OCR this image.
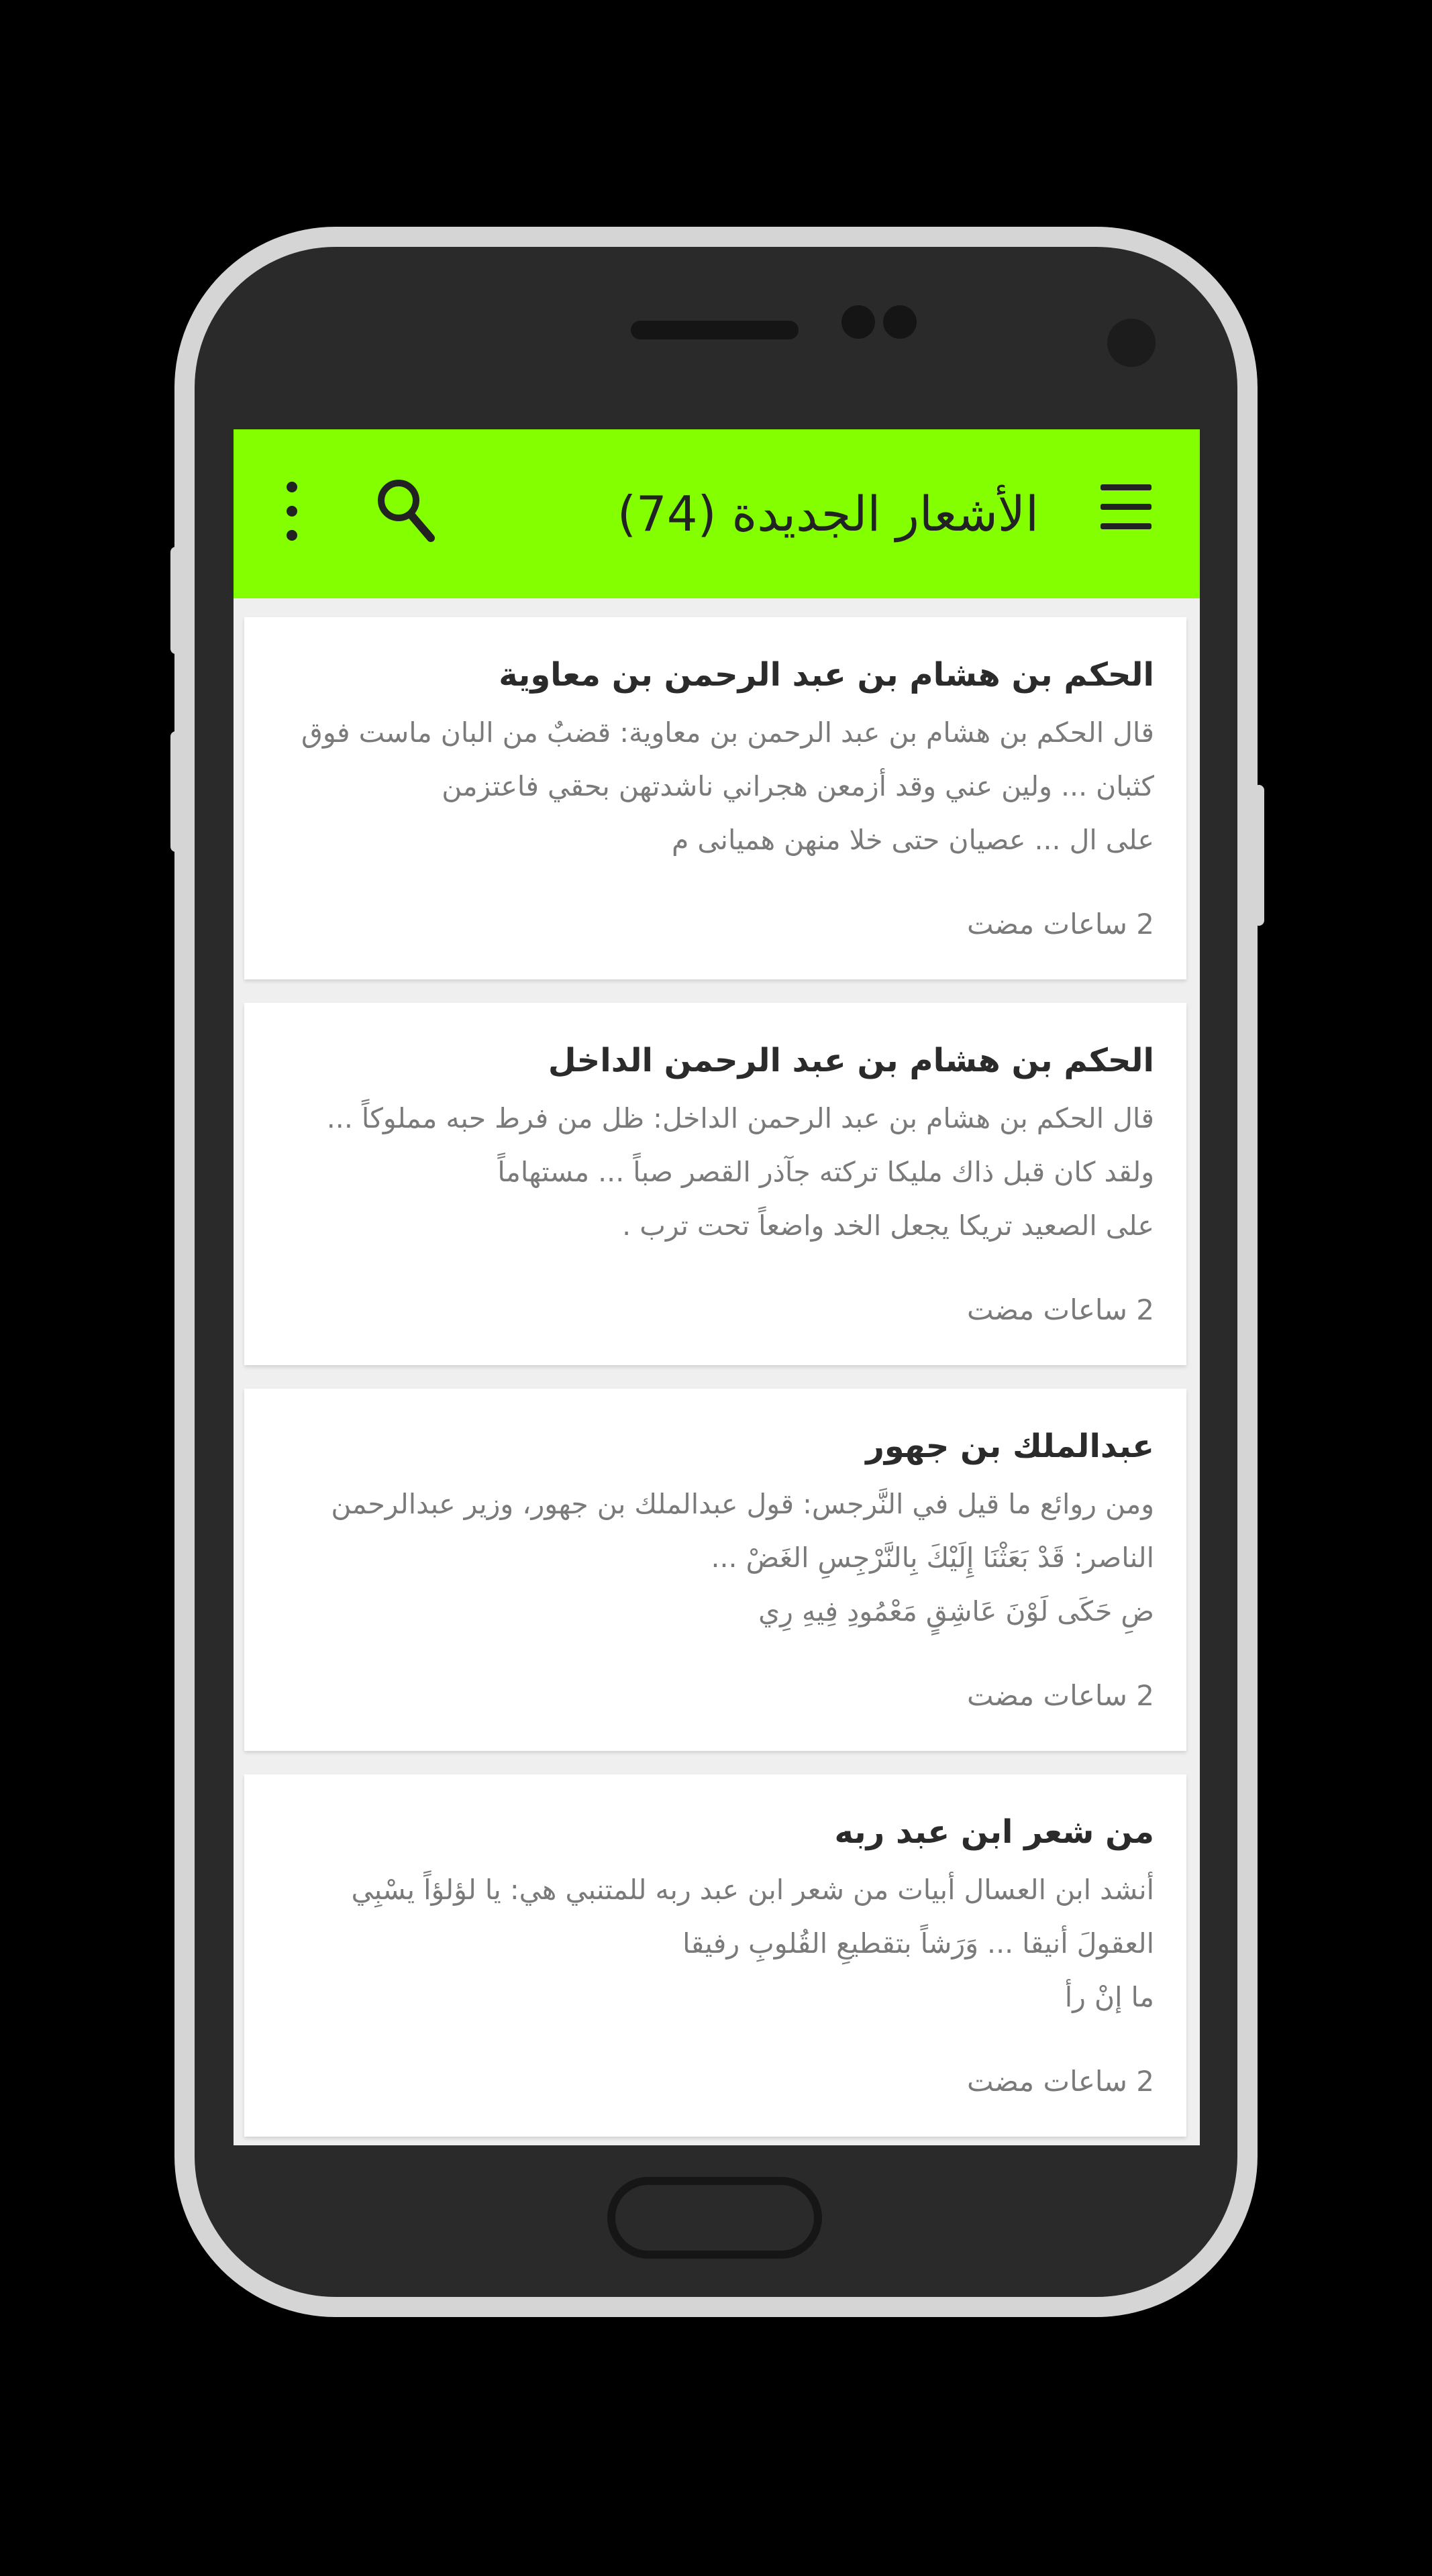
الأشعار الجديدة (74)
الحكم بن هشام بن عبد الرحمن بن معاوية
قال الحكم بن هشام بن عبد الرحمن بن معاوية: قضبٌ من البان ماست فوق
كثبان ... ولين عني وقد أزمعن هجراني ناشدتهن بحقي فاعتزمن
على ال ... عصيان حتى خلا منهن هميانى م
2 ساعات مضت
الحكم بن هشام بن عبد الرحمن الداخل
قال الحكم بن هشام بن عبد الرحمن الداخل: ظل من فرط حبه مملوكاً ...
ولقد كان قبل ذاك مليكا تركته جآذر القصر صباً ... مستهاماً
على الصعيد تريكا يجعل الخد واضعاً تحت ترب .
2 ساعات مضت
عبدالملك بن جهور
ومن روائع ما قيل في النَّرجس: قول عبدالملك بن جهور، وزير عبدالرحمن
الناصر: قَدْ بَعَثْنَا إِلَيْكَ بِالنَّرْجِسِ الغَضْ ...
ضِ حَكَى لَوْنَ عَاشِقٍ مَعْمُودِ فِيهِ رِي
2 ساعات مضت
من شعر ابن عبد ربه
أنشد ابن العسال أبيات من شعر ابن عبد ربه للمتنبي هي: يا لؤلؤاً يسْبِي
العقولَ أنيقا ... وَرَشاً بتقطيعِ القُلوبِ رفيقا
ما إنْ رأ
2 ساعات مضت
